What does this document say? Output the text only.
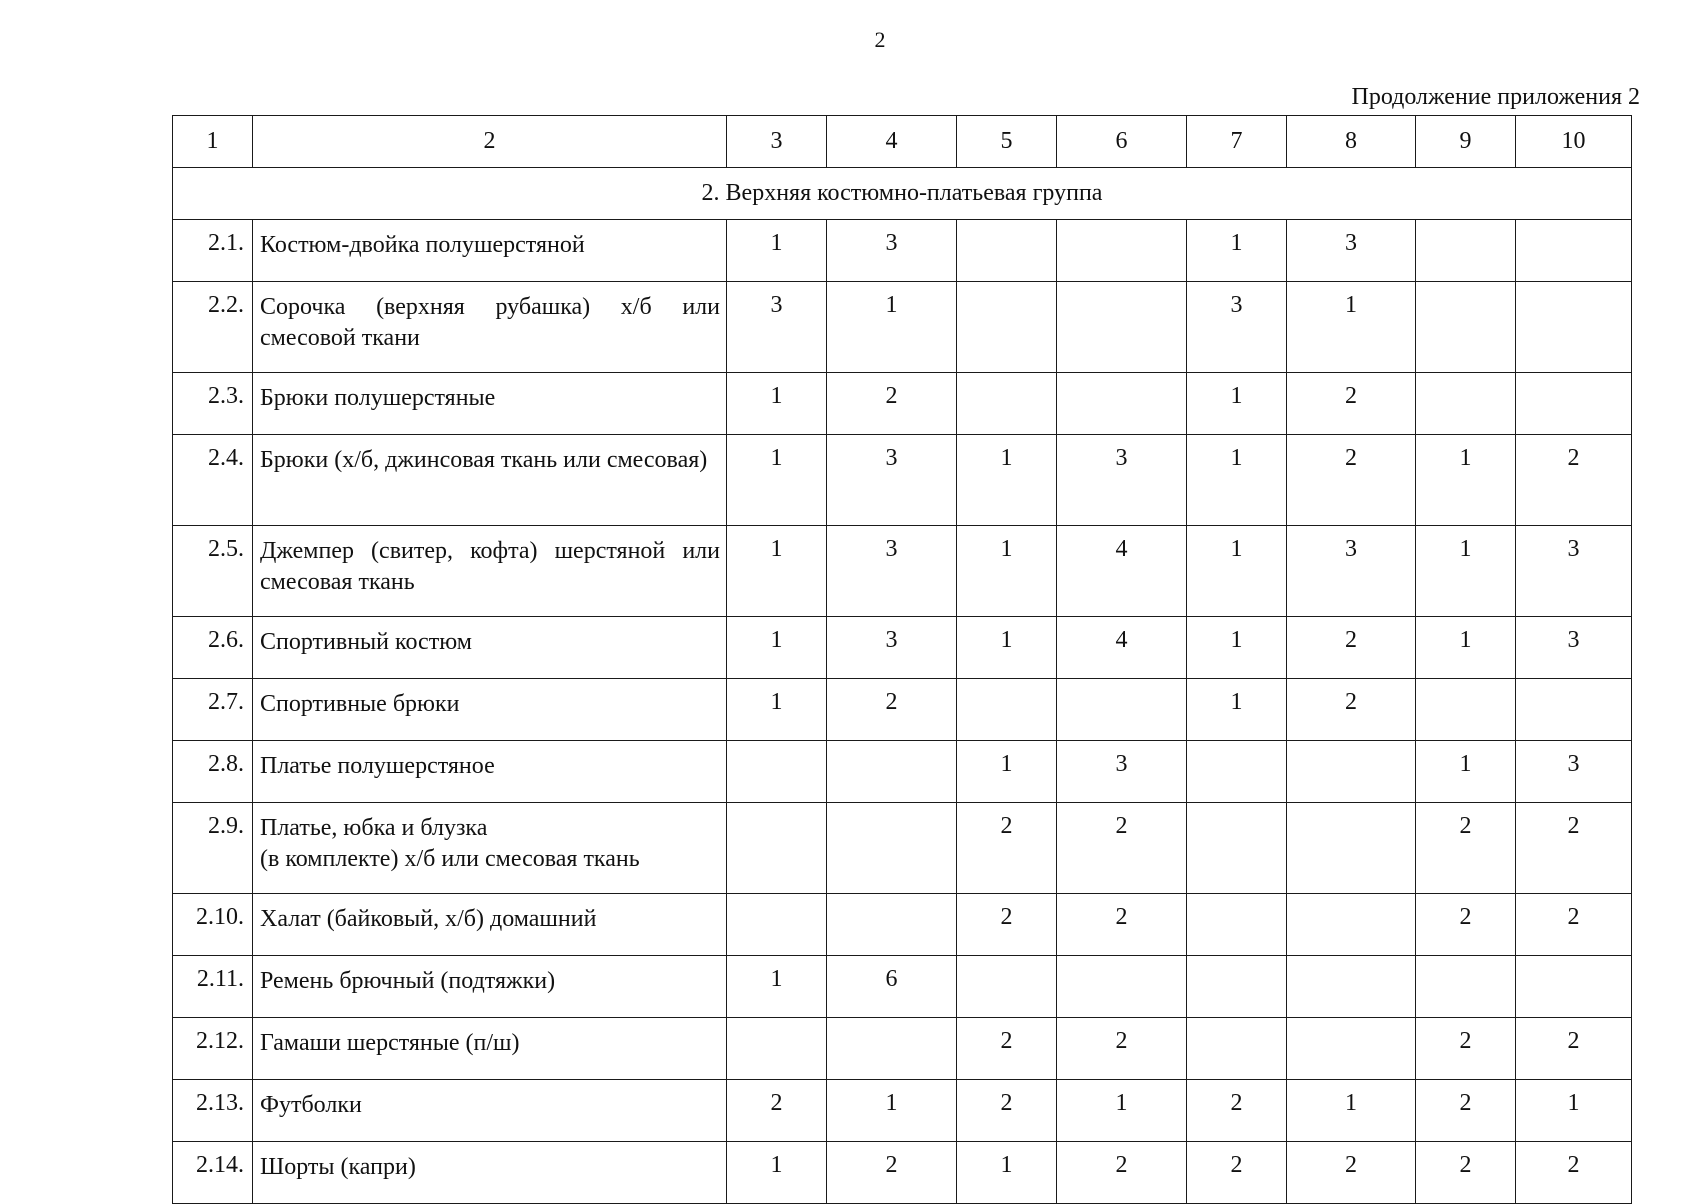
2
Продолжение приложения 2
1	2	3	4	5	6	7	8	9	10
2. Верхняя костюмно-платьевая группа									
2.1.	Костюм-двойка полушерстяной	1	3			1	3		
2.2.	Сорочка (верхняя рубашка) х/б или смесовой ткани	3	1			3	1		
2.3.	Брюки полушерстяные	1	2			1	2		
2.4.	Брюки (х/б, джинсовая ткань или смесовая)	1	3	1	3	1	2	1	2
2.5.	Джемпер (свитер, кофта) шерстяной или смесовая ткань	1	3	1	4	1	3	1	3
2.6.	Спортивный костюм	1	3	1	4	1	2	1	3
2.7.	Спортивные брюки	1	2			1	2		
2.8.	Платье полушерстяное			1	3			1	3
2.9.	Платье, юбка и блузка
(в комплекте) х/б или смесовая ткань			2	2			2	2
2.10.	Халат (байковый, х/б) домашний			2	2			2	2
2.11.	Ремень брючный (подтяжки)	1	6						
2.12.	Гамаши шерстяные (п/ш)			2	2			2	2
2.13.	Футболки	2	1	2	1	2	1	2	1
2.14.	Шорты (капри)	1	2	1	2	2	2	2	2
